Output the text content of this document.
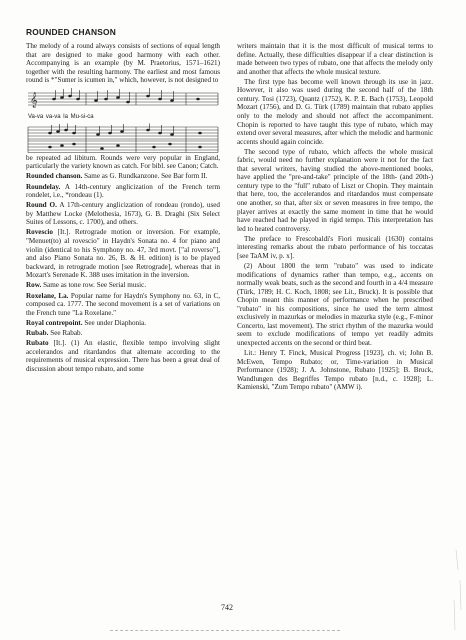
ROUNDED CHANSON

The melody of a round always consists of sections of equal length that are designed to make good harmony with each other. Accompanying is an example (by M. Praetorius, 1571–1621) together with the resulting harmony. The earliest and most famous round is *"Sumer is icumen in," which, however, is not designed to

𝄞
Va-va va-va la Mu-si-ca

be repeated ad libitum. Rounds were very popular in England, particularly the variety known as catch. For bibl. see Canon; Catch.

Rounded chanson. Same as G. Rundkanzone. See Bar form II.

Roundelay. A 14th-century anglicization of the French term rondelet, i.e., *rondeau (1).

Round O. A 17th-century anglicization of rondeau (rondo), used by Matthew Locke (Melothesia, 1673), G. B. Draghi (Six Select Suites of Lessons, c. 1700), and others.

Rovescio [It.]. Retrograde motion or inversion. For example, "Menuet(to) al rovescio" in Haydn's Sonata no. 4 for piano and violin (identical to his Symphony no. 47, 3rd movt. ["al roverso"], and also Piano Sonata no. 26, B. & H. edition) is to be played backward, in retrograde motion [see Retrograde], whereas that in Mozart's Serenade K. 388 uses imitation in the inversion.

Row. Same as tone row. See Serial music.

Roxelane, La. Popular name for Haydn's Symphony no. 63, in C, composed ca. 1777. The second movement is a set of variations on the French tune "La Roxelane."

Royal contrepoint. See under Diaphonia.

Rubab. See Rabab.

Rubato [It.]. (1) An elastic, flexible tempo involving slight accelerandos and ritardandos that alternate according to the requirements of musical expression. There has been a great deal of discussion about tempo rubato, and some

writers maintain that it is the most difficult of musical terms to define. Actually, these difficulties disappear if a clear distinction is made between two types of rubato, one that affects the melody only and another that affects the whole musical texture.

The first type has become well known through its use in jazz. However, it also was used during the second half of the 18th century. Tosi (1723), Quantz (1752), K. P. E. Bach (1753), Leopold Mozart (1756), and D. G. Türk (1789) maintain that rubato applies only to the melody and should not affect the accompaniment. Chopin is reported to have taught this type of rubato, which may extend over several measures, after which the melodic and harmonic accents should again coincide.

The second type of rubato, which affects the whole musical fabric, would need no further explanation were it not for the fact that several writers, having studied the above-mentioned books, have applied the "pre-and-take" principle of the 18th- (and 20th-) century type to the "full" rubato of Liszt or Chopin. They maintain that here, too, the accelerandos and ritardandos must compensate one another, so that, after six or seven measures in free tempo, the player arrives at exactly the same moment in time that he would have reached had he played in rigid tempo. This interpretation has led to heated controversy.

The preface to Frescobaldi's Fiori musicali (1630) contains interesting remarks about the rubato performance of his toccatas [see TaAM iv, p. x].

(2) About 1800 the term "rubato" was used to indicate modifications of dynamics rather than tempo, e.g., accents on normally weak beats, such as the second and fourth in a 4/4 measure (Türk, 1789; H. C. Koch, 1808; see Lit., Bruck). It is possible that Chopin meant this manner of performance when he prescribed "rubato" in his compositions, since he used the term almost exclusively in mazurkas or melodies in mazurka style (e.g., F-minor Concerto, last movement). The strict rhythm of the mazurka would seem to exclude modifications of tempo yet readily admits unexpected accents on the second or third beat.

Lit.: Henry T. Finck, Musical Progress [1923], ch. vi; John B. McEwen, Tempo Rubato; or, Time-variation in Musical Performance (1928); J. A. Johnstone, Rubato [1925]; B. Bruck, Wandlungen des Begriffes Tempo rubato [n.d., c. 1928]; L. Kamienski, "Zum Tempo rubato" (AMW i).

742
